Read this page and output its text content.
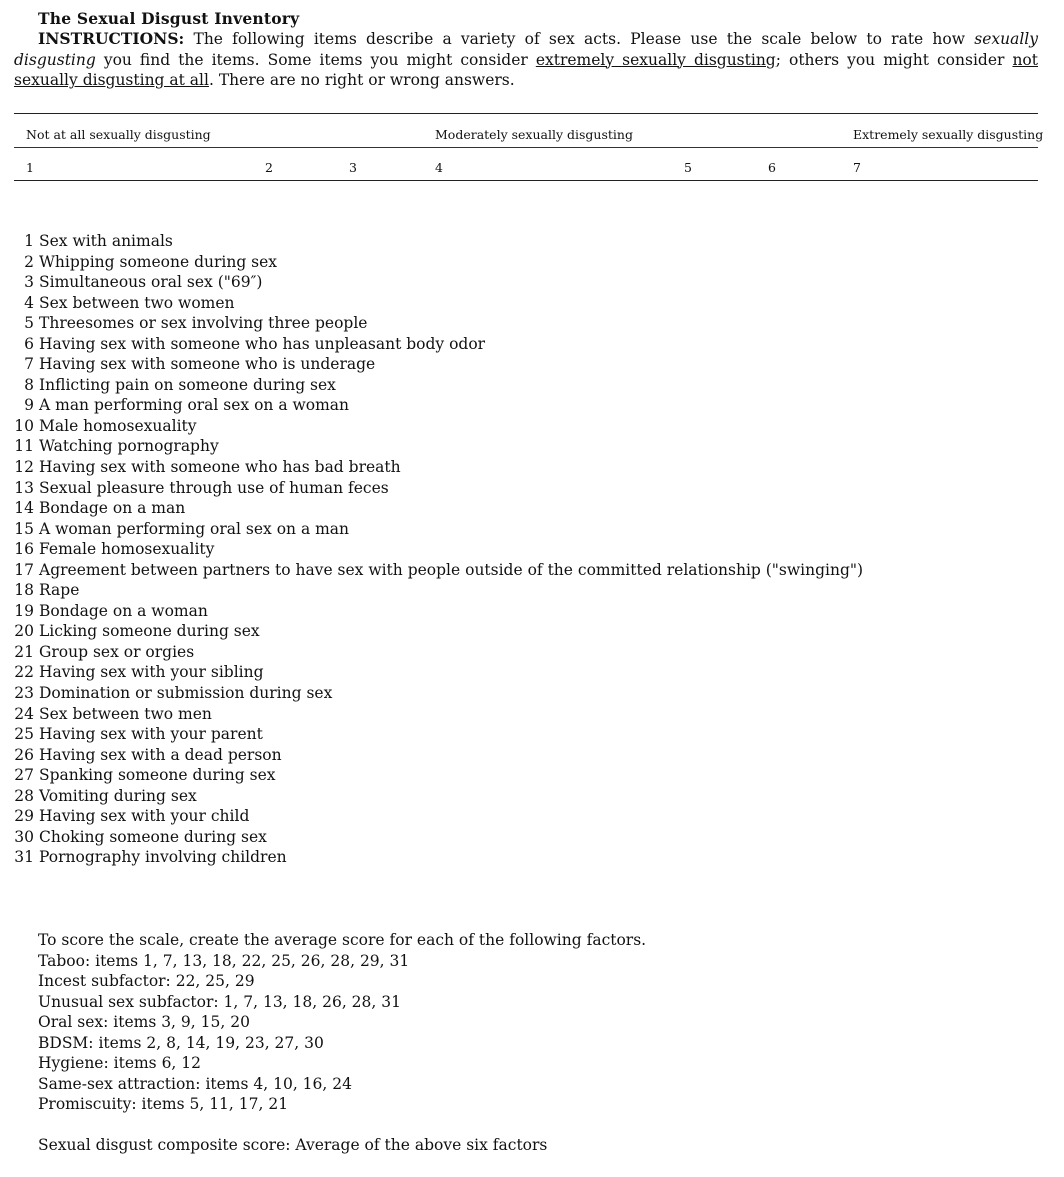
The Sexual Disgust Inventory
INSTRUCTIONS: The following items describe a variety of sex acts. Please use the scale below to rate how sexually disgusting you find the items. Some items you might consider extremely sexually disgusting; others you might consider not sexually disgusting at all. There are no right or wrong answers.
Not at all sexually disgusting	Moderately sexually disgusting	Extremely sexually disgusting
1	2	3	4	5	6	7
1 Sex with animals
2 Whipping someone during sex
3 Simultaneous oral sex ("69″)
4 Sex between two women
5 Threesomes or sex involving three people
6 Having sex with someone who has unpleasant body odor
7 Having sex with someone who is underage
8 Inflicting pain on someone during sex
9 A man performing oral sex on a woman
10 Male homosexuality
11 Watching pornography
12 Having sex with someone who has bad breath
13 Sexual pleasure through use of human feces
14 Bondage on a man
15 A woman performing oral sex on a man
16 Female homosexuality
17 Agreement between partners to have sex with people outside of the committed relationship ("swinging")
18 Rape
19 Bondage on a woman
20 Licking someone during sex
21 Group sex or orgies
22 Having sex with your sibling
23 Domination or submission during sex
24 Sex between two men
25 Having sex with your parent
26 Having sex with a dead person
27 Spanking someone during sex
28 Vomiting during sex
29 Having sex with your child
30 Choking someone during sex
31 Pornography involving children
To score the scale, create the average score for each of the following factors.
Taboo: items 1, 7, 13, 18, 22, 25, 26, 28, 29, 31
Incest subfactor: 22, 25, 29
Unusual sex subfactor: 1, 7, 13, 18, 26, 28, 31
Oral sex: items 3, 9, 15, 20
BDSM: items 2, 8, 14, 19, 23, 27, 30
Hygiene: items 6, 12
Same-sex attraction: items 4, 10, 16, 24
Promiscuity: items 5, 11, 17, 21
Sexual disgust composite score: Average of the above six factors
